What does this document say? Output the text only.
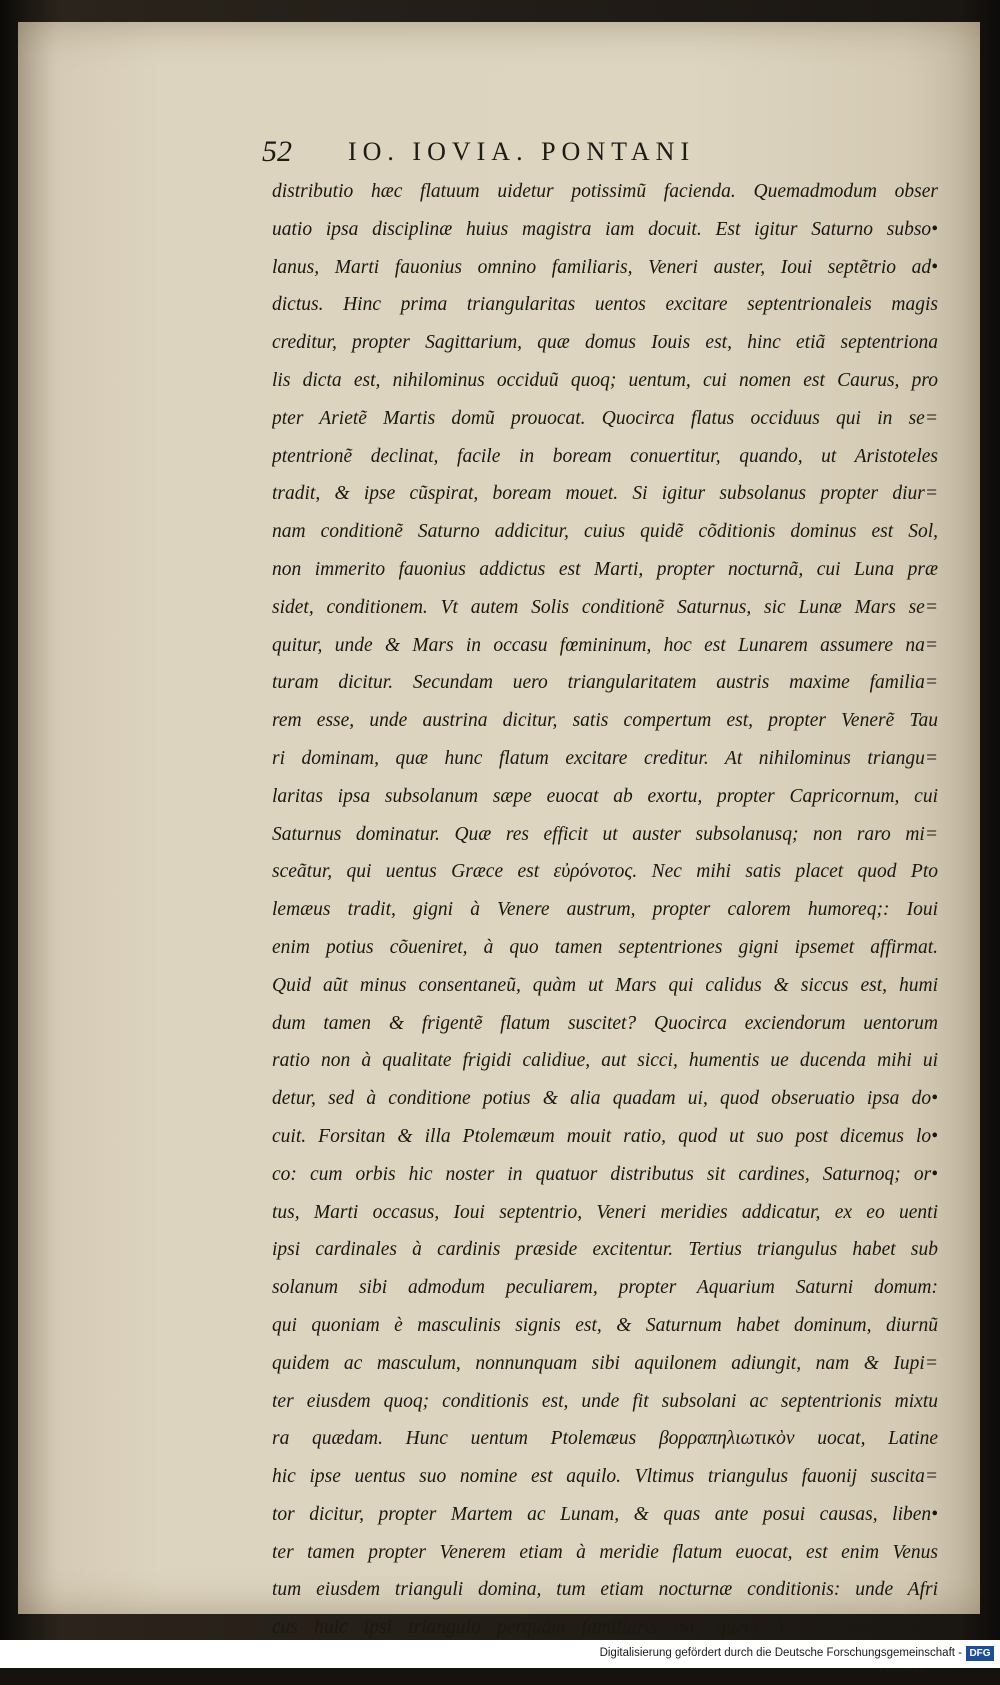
52 IO. IOVIA. PONTANI
distributio hæc flatuum uidetur potissimũ facienda. Quemadmodum obser
uatio ipsa disciplinæ huius magistra iam docuit. Est igitur Saturno subso•
lanus, Marti fauonius omnino familiaris, Veneri auster, Ioui septẽtrio ad•
dictus. Hinc prima triangularitas uentos excitare septentrionaleis magis
creditur, propter Sagittarium, quæ domus Iouis est, hinc etiã septentriona
lis dicta est, nihilominus occiduũ quoq; uentum, cui nomen est Caurus, pro
pter Arietẽ Martis domũ prouocat. Quocirca flatus occiduus qui in se=
ptentrionẽ declinat, facile in boream conuertitur, quando, ut Aristoteles
tradit, & ipse cũspirat, boream mouet. Si igitur subsolanus propter diur=
nam conditionẽ Saturno addicitur, cuius quidẽ cõditionis dominus est Sol,
non immerito fauonius addictus est Marti, propter nocturnã, cui Luna præ
sidet, conditionem. Vt autem Solis conditionẽ Saturnus, sic Lunæ Mars se=
quitur, unde & Mars in occasu fœmininum, hoc est Lunarem assumere na=
turam dicitur. Secundam uero triangularitatem austris maxime familia=
rem esse, unde austrina dicitur, satis compertum est, propter Venerẽ Tau
ri dominam, quæ hunc flatum excitare creditur. At nihilominus triangu=
laritas ipsa subsolanum sæpe euocat ab exortu, propter Capricornum, cui
Saturnus dominatur. Quæ res efficit ut auster subsolanusq; non raro mi=
sceãtur, qui uentus Græce est εὐρόνοτος. Nec mihi satis placet quod Pto
lemæus tradit, gigni à Venere austrum, propter calorem humoreq;: Ioui
enim potius cõueniret, à quo tamen septentriones gigni ipsemet affirmat.
Quid aũt minus consentaneũ, quàm ut Mars qui calidus & siccus est, humi
dum tamen & frigentẽ flatum suscitet? Quocirca exciendorum uentorum
ratio non à qualitate frigidi calidiue, aut sicci, humentis ue ducenda mihi ui
detur, sed à conditione potius & alia quadam ui, quod obseruatio ipsa do•
cuit. Forsitan & illa Ptolemæum mouit ratio, quod ut suo post dicemus lo•
co: cum orbis hic noster in quatuor distributus sit cardines, Saturnoq; or•
tus, Marti occasus, Ioui septentrio, Veneri meridies addicatur, ex eo uenti
ipsi cardinales à cardinis præside excitentur. Tertius triangulus habet sub
solanum sibi admodum peculiarem, propter Aquarium Saturni domum:
qui quoniam è masculinis signis est, & Saturnum habet dominum, diurnũ
quidem ac masculum, nonnunquam sibi aquilonem adiungit, nam & Iupi=
ter eiusdem quoq; conditionis est, unde fit subsolani ac septentrionis mixtu
ra quædam. Hunc uentum Ptolemæus βορραπηλιωτικὸν uocat, Latine
hic ipse uentus suo nomine est aquilo. Vltimus triangulus fauonij suscita=
tor dicitur, propter Martem ac Lunam, & quas ante posui causas, liben•
ter tamen propter Venerem etiam à meridie flatum euocat, est enim Venus
tum eiusdem trianguli domina, tum etiam nocturnæ conditionis: unde Afri
cus huic ipsi triangulo perquàm familiaris est, quem à Ptolemæo uideo
Digitalisierung gefördert durch die Deutsche Forschungsgemeinschaft - DFG
